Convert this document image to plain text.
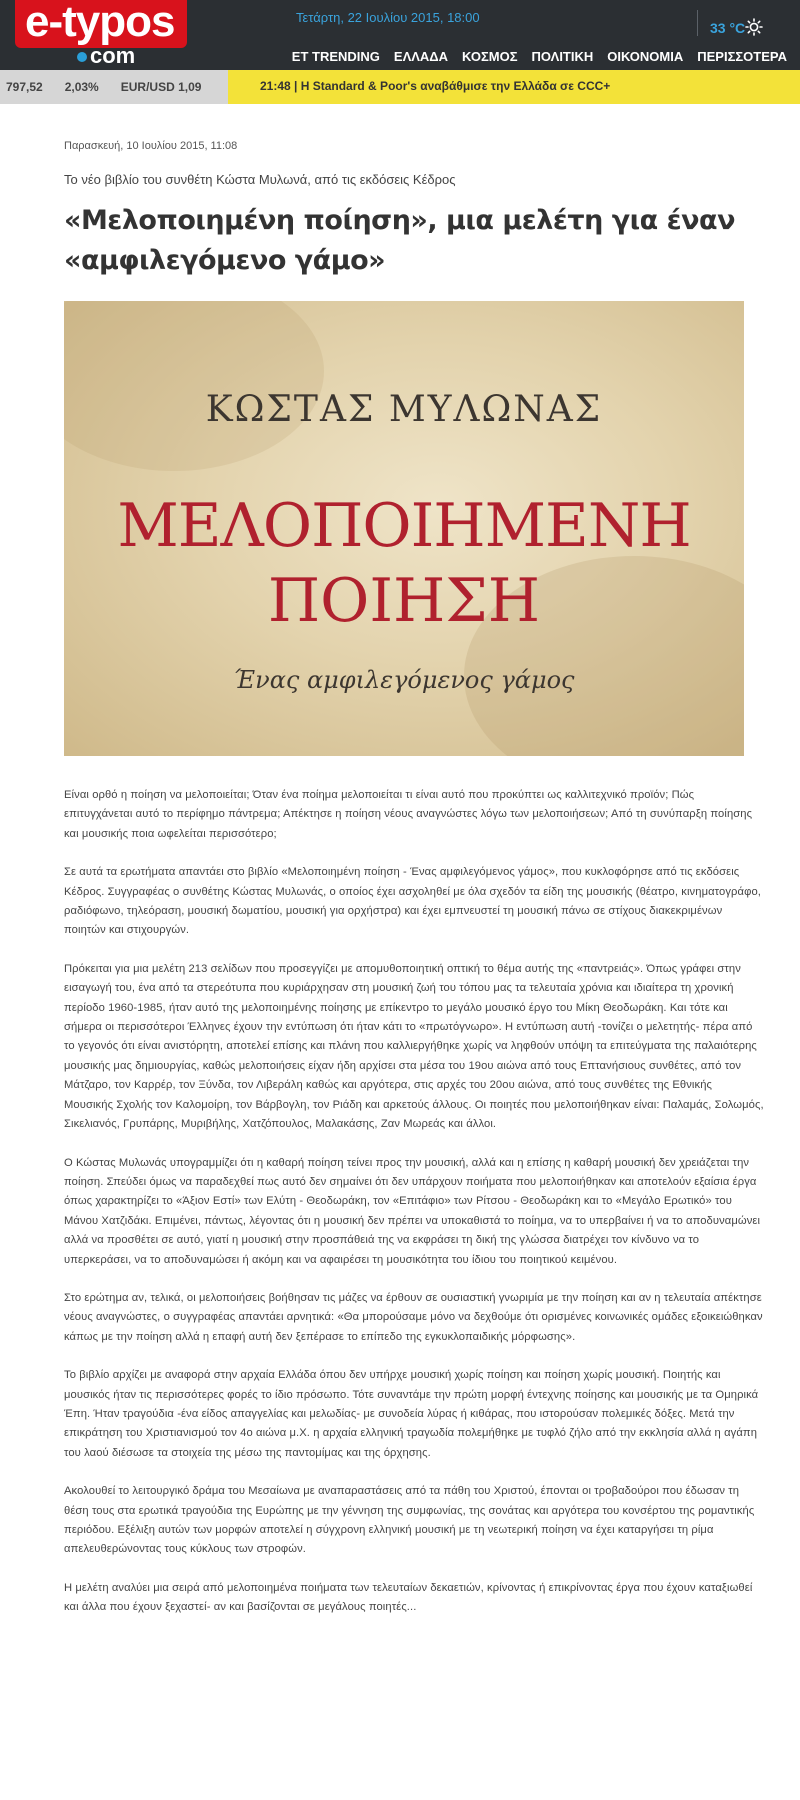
e-typos
com
Τετάρτη, 22 Ιουλίου 2015, 18:00
33 °C
ET TRENDING	ΕΛΛΑΔΑ	ΚΟΣΜΟΣ	ΠΟΛΙΤΙΚΗ	ΟΙΚΟΝΟΜΙΑ	ΠΕΡΙΣΣΟΤΕΡΑ
797,52 2,03% EUR/USD 1,09	21:48 | Η Standard & Poor's αναβάθμισε την Ελλάδα σε CCC+

Παρασκευή, 10 Ιουλίου 2015, 11:08

Το νέο βιβλίο του συνθέτη Κώστα Μυλωνά, από τις εκδόσεις Κέδρος

«Μελοποιημένη ποίηση», μια μελέτη για έναν «αμφιλεγόμενο γάμο»
ΚΩΣΤΑΣ ΜΥΛΩΝΑΣ
ΜΕΛΟΠΟΙΗΜΕΝΗ
ΠΟΙΗΣΗ
Ένας αμφιλεγόμενος γάμος

Είναι ορθό η ποίηση να μελοποιείται; Όταν ένα ποίημα μελοποιείται τι είναι αυτό που προκύπτει ως καλλιτεχνικό προϊόν; Πώς επιτυγχάνεται αυτό το περίφημο πάντρεμα; Απέκτησε η ποίηση νέους αναγνώστες λόγω των μελοποιήσεων; Από τη συνύπαρξη ποίησης και μουσικής ποια ωφελείται περισσότερο;

Σε αυτά τα ερωτήματα απαντάει στο βιβλίο «Μελοποιημένη ποίηση - Ένας αμφιλεγόμενος γάμος», που κυκλοφόρησε από τις εκδόσεις Κέδρος. Συγγραφέας ο συνθέτης Κώστας Μυλωνάς, ο οποίος έχει ασχοληθεί με όλα σχεδόν τα είδη της μουσικής (θέατρο, κινηματογράφο, ραδιόφωνο, τηλεόραση, μουσική δωματίου, μουσική για ορχήστρα) και έχει εμπνευστεί τη μουσική πάνω σε στίχους διακεκριμένων ποιητών και στιχουργών.

Πρόκειται για μια μελέτη 213 σελίδων που προσεγγίζει με απομυθοποιητική οπτική το θέμα αυτής της «παντρειάς». Όπως γράφει στην εισαγωγή του, ένα από τα στερεότυπα που κυριάρχησαν στη μουσική ζωή του τόπου μας τα τελευταία χρόνια και ιδιαίτερα τη χρονική περίοδο 1960-1985, ήταν αυτό της μελοποιημένης ποίησης με επίκεντρο το μεγάλο μουσικό έργο του Μίκη Θεοδωράκη. Και τότε και σήμερα οι περισσότεροι Έλληνες έχουν την εντύπωση ότι ήταν κάτι το «πρωτόγνωρο». Η εντύπωση αυτή -τονίζει ο μελετητής- πέρα από το γεγονός ότι είναι ανιστόρητη, αποτελεί επίσης και πλάνη που καλλιεργήθηκε χωρίς να ληφθούν υπόψη τα επιτεύγματα της παλαιότερης μουσικής μας δημιουργίας, καθώς μελοποιήσεις είχαν ήδη αρχίσει στα μέσα του 19ου αιώνα από τους Επτανήσιους συνθέτες, από τον Μάτζαρο, τον Καρρέρ, τον Ξύνδα, τον Λιβεράλη καθώς και αργότερα, στις αρχές του 20ου αιώνα, από τους συνθέτες της Εθνικής Μουσικής Σχολής τον Καλομοίρη, τον Βάρβογλη, τον Ριάδη και αρκετούς άλλους. Οι ποιητές που μελοποιήθηκαν είναι: Παλαμάς, Σολωμός, Σικελιανός, Γρυπάρης, Μυριβήλης, Χατζόπουλος, Μαλακάσης, Ζαν Μωρεάς και άλλοι.

Ο Κώστας Μυλωνάς υπογραμμίζει ότι η καθαρή ποίηση τείνει προς την μουσική, αλλά και η επίσης η καθαρή μουσική δεν χρειάζεται την ποίηση. Σπεύδει όμως να παραδεχθεί πως αυτό δεν σημαίνει ότι δεν υπάρχουν ποιήματα που μελοποιήθηκαν και αποτελούν εξαίσια έργα όπως χαρακτηρίζει το «Άξιον Εστί» των Ελύτη - Θεοδωράκη, τον «Επιτάφιο» των Ρίτσου - Θεοδωράκη και το «Μεγάλο Ερωτικό» του Μάνου Χατζιδάκι. Επιμένει, πάντως, λέγοντας ότι η μουσική δεν πρέπει να υποκαθιστά το ποίημα, να το υπερβαίνει ή να το αποδυναμώνει αλλά να προσθέτει σε αυτό, γιατί η μουσική στην προσπάθειά της να εκφράσει τη δική της γλώσσα διατρέχει τον κίνδυνο να το υπερκεράσει, να το αποδυναμώσει ή ακόμη και να αφαιρέσει τη μουσικότητα του ίδιου του ποιητικού κειμένου.

Στο ερώτημα αν, τελικά, οι μελοποιήσεις βοήθησαν τις μάζες να έρθουν σε ουσιαστική γνωριμία με την ποίηση και αν η τελευταία απέκτησε νέους αναγνώστες, ο συγγραφέας απαντάει αρνητικά: «Θα μπορούσαμε μόνο να δεχθούμε ότι ορισμένες κοινωνικές ομάδες εξοικειώθηκαν κάπως με την ποίηση αλλά η επαφή αυτή δεν ξεπέρασε το επίπεδο της εγκυκλοπαιδικής μόρφωσης».

Το βιβλίο αρχίζει με αναφορά στην αρχαία Ελλάδα όπου δεν υπήρχε μουσική χωρίς ποίηση και ποίηση χωρίς μουσική. Ποιητής και μουσικός ήταν τις περισσότερες φορές το ίδιο πρόσωπο. Τότε συναντάμε την πρώτη μορφή έντεχνης ποίησης και μουσικής με τα Ομηρικά Έπη. Ήταν τραγούδια -ένα είδος απαγγελίας και μελωδίας- με συνοδεία λύρας ή κιθάρας, που ιστορούσαν πολεμικές δόξες. Μετά την επικράτηση του Χριστιανισμού τον 4ο αιώνα μ.Χ. η αρχαία ελληνική τραγωδία πολεμήθηκε με τυφλό ζήλο από την εκκλησία αλλά η αγάπη του λαού διέσωσε τα στοιχεία της μέσω της παντομίμας και της όρχησης.

Ακολουθεί το λειτουργικό δράμα του Μεσαίωνα με αναπαραστάσεις από τα πάθη του Χριστού, έπονται οι τροβαδούροι που έδωσαν τη θέση τους στα ερωτικά τραγούδια της Ευρώπης με την γέννηση της συμφωνίας, της σονάτας και αργότερα του κονσέρτου της ρομαντικής περιόδου. Εξέλιξη αυτών των μορφών αποτελεί η σύγχρονη ελληνική μουσική με τη νεωτερική ποίηση να έχει καταργήσει τη ρίμα απελευθερώνοντας τους κύκλους των στροφών.

Η μελέτη αναλύει μια σειρά από μελοποιημένα ποιήματα των τελευταίων δεκαετιών, κρίνοντας ή επικρίνοντας έργα που έχουν καταξιωθεί και άλλα που έχουν ξεχαστεί- αν και βασίζονται σε μεγάλους ποιητές...
